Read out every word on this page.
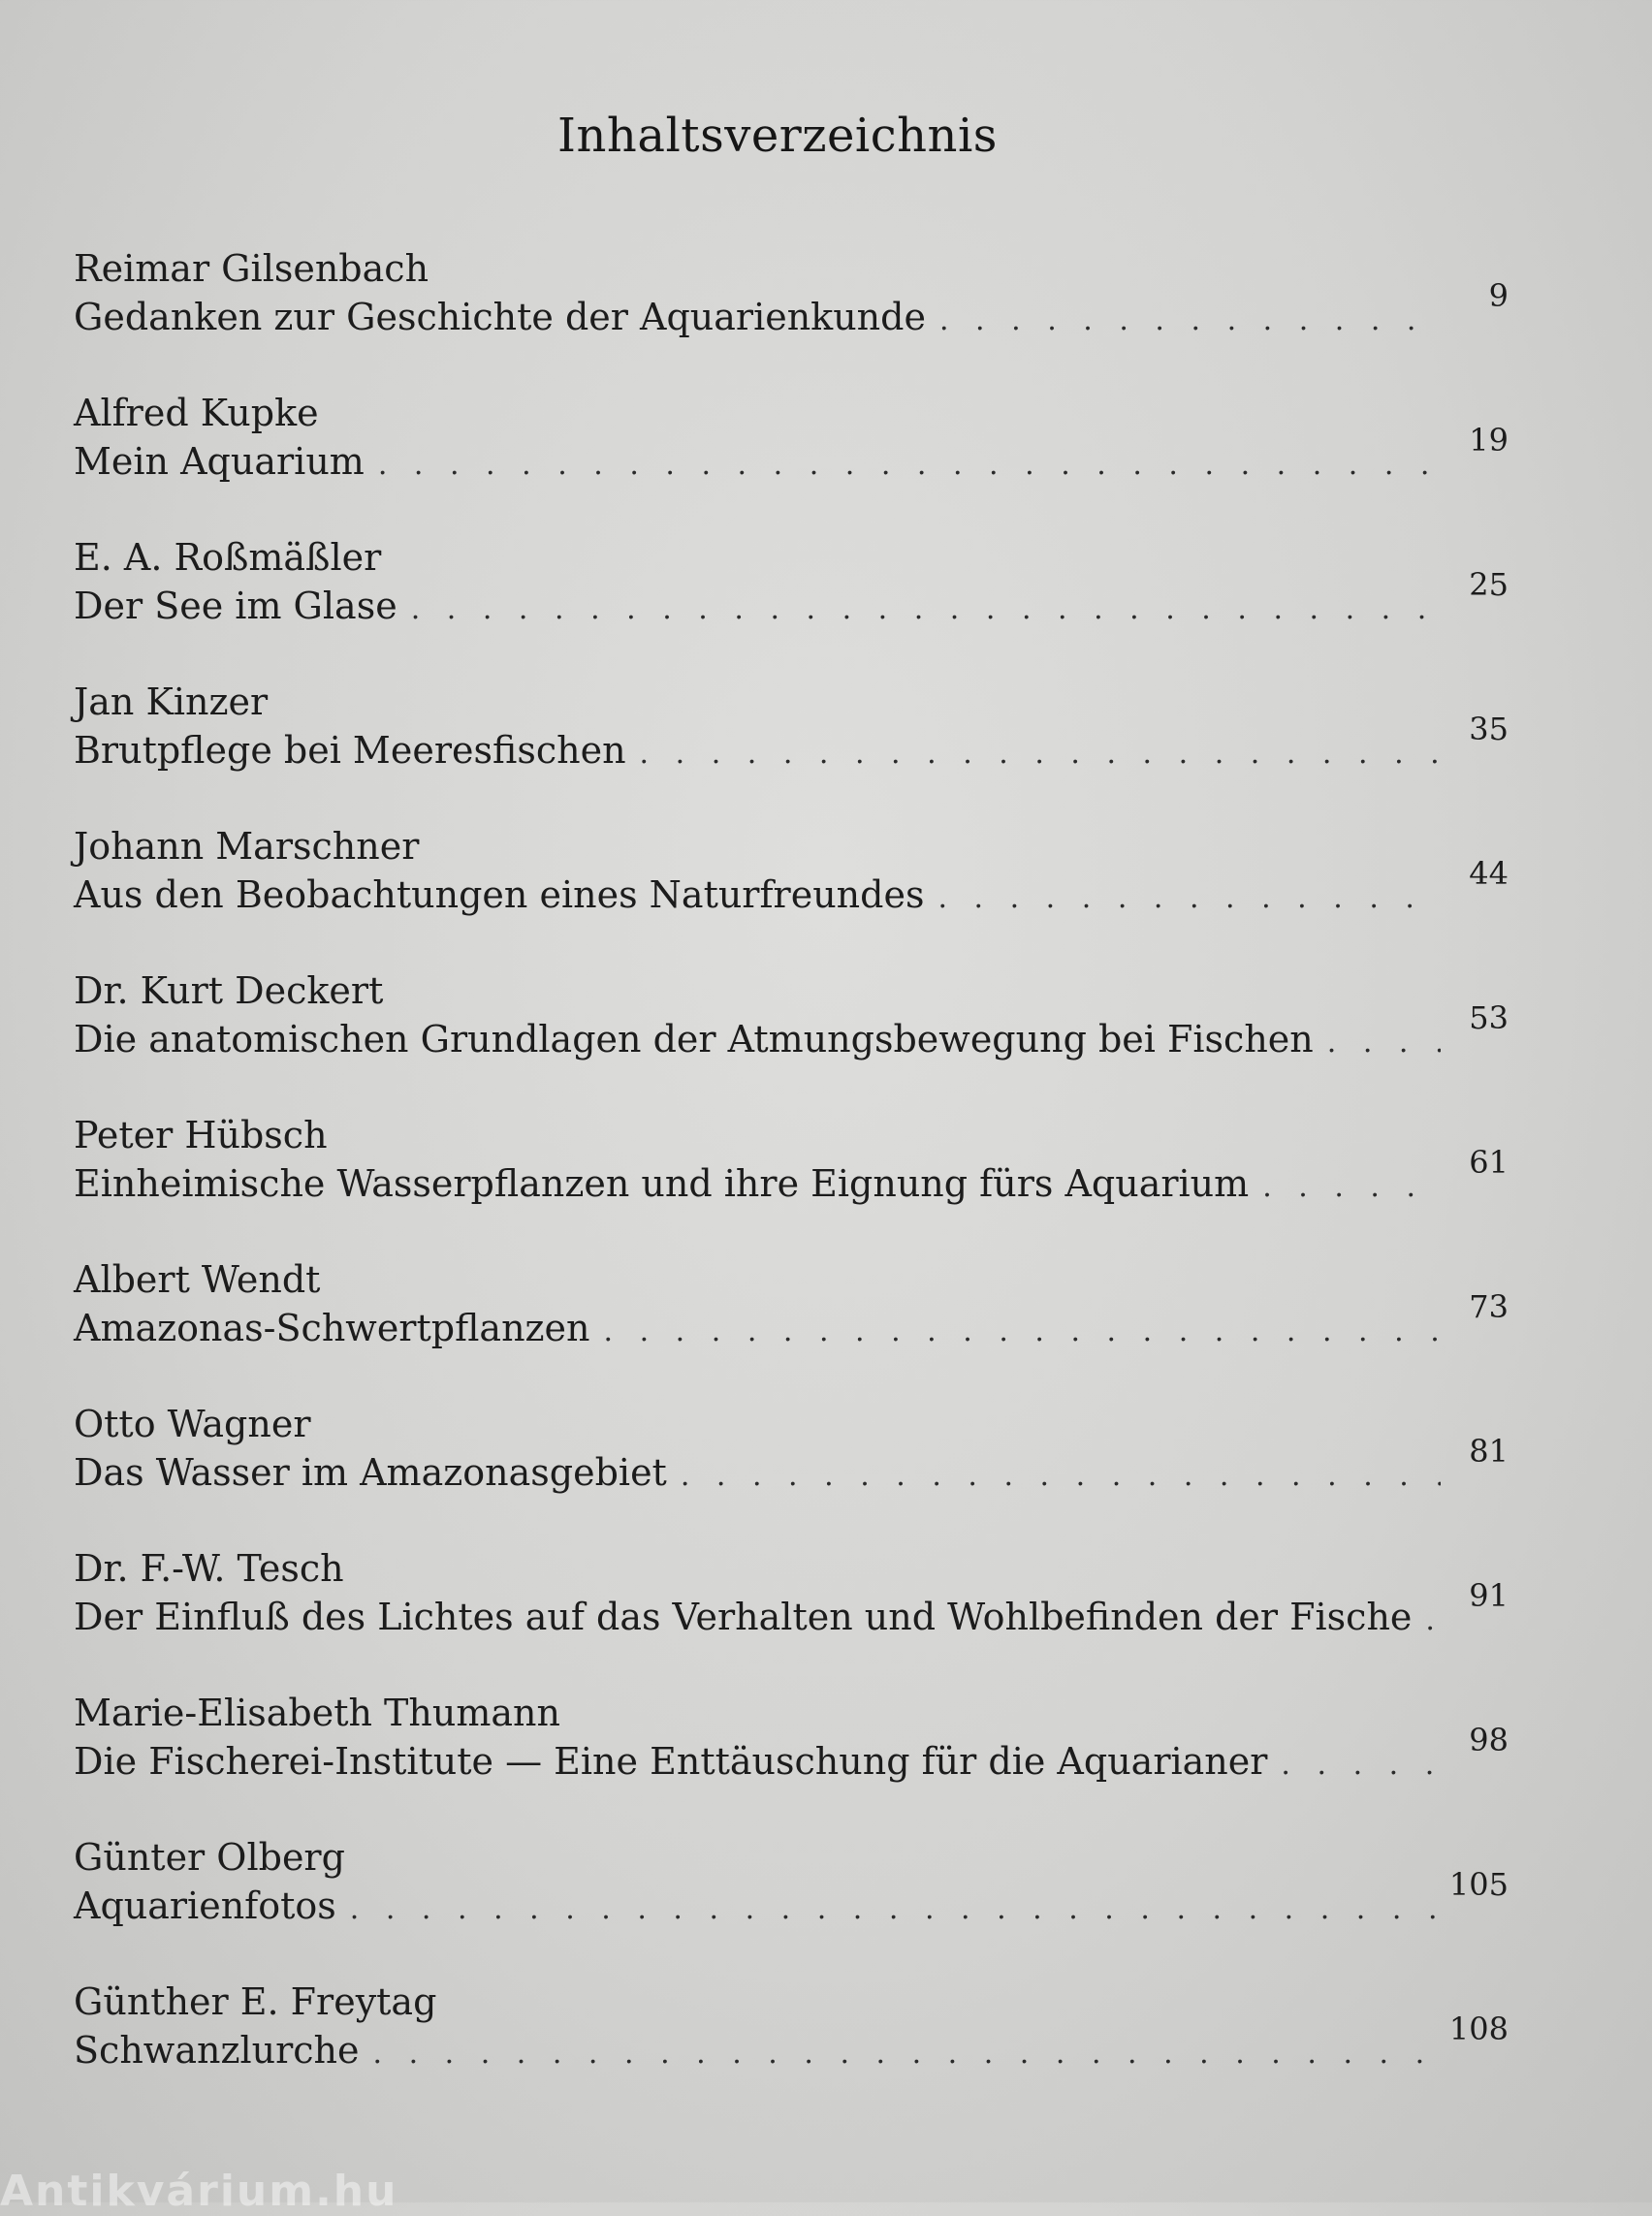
Inhaltsverzeichnis
Reimar Gilsenbach
Gedanken zur Geschichte der Aquarienkunde
. . .	9
Alfred Kupke
Mein Aquarium
. . .	19
E. A. Roßmäßler
Der See im Glase
. . .	25
Jan Kinzer
Brutpflege bei Meeresfischen
. . .	35
Johann Marschner
Aus den Beobachtungen eines Naturfreundes
. . .	44
Dr. Kurt Deckert
Die anatomischen Grundlagen der Atmungsbewegung bei Fischen
. . .	53
Peter Hübsch
Einheimische Wasserpflanzen und ihre Eignung fürs Aquarium
. . .	61
Albert Wendt
Amazonas-Schwertpflanzen
. . .	73
Otto Wagner
Das Wasser im Amazonasgebiet
. . .	81
Dr. F.-W. Tesch
Der Einfluß des Lichtes auf das Verhalten und Wohlbefinden der Fische
. . .	91
Marie-Elisabeth Thumann
Die Fischerei-Institute — Eine Enttäuschung für die Aquarianer
. . .	98
Günter Olberg
Aquarienfotos
. . .	105
Günther E. Freytag
Schwanzlurche
. . .	108
Antikvárium.hu
